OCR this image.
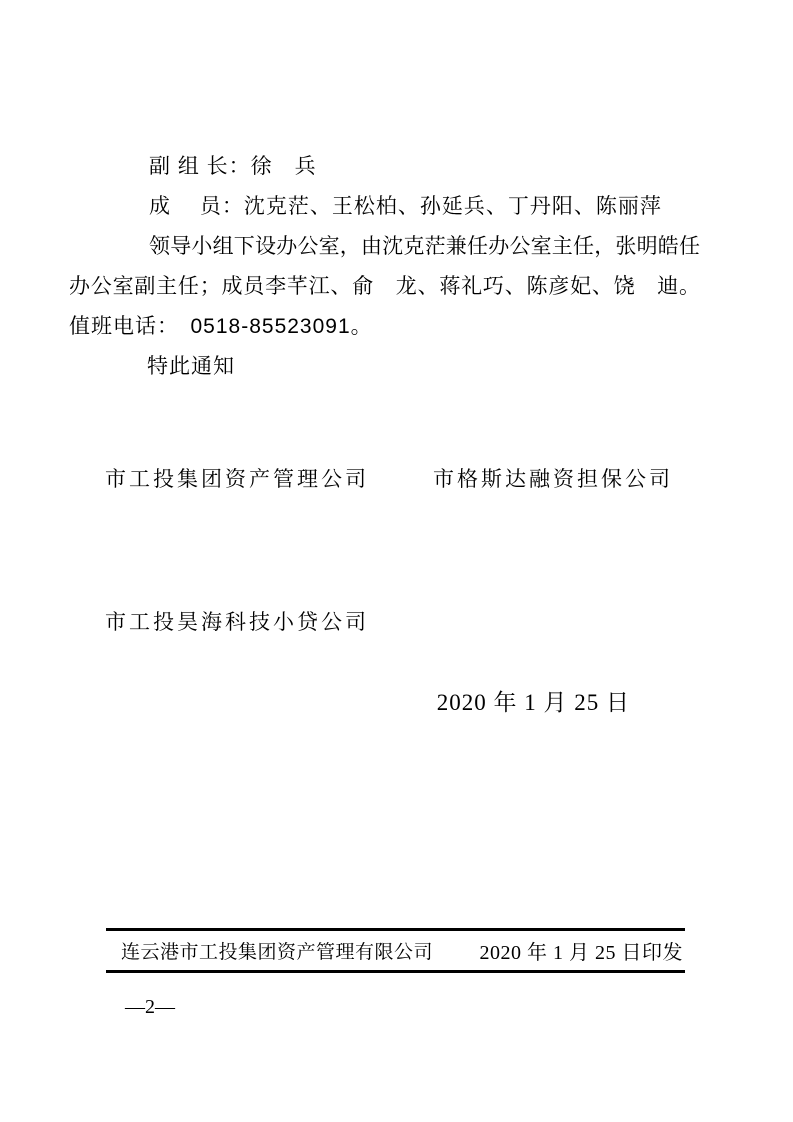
副 组 长：徐　兵
成　 员：沈克茫、王松柏、孙延兵、丁丹阳、陈丽萍
领导小组下设办公室，由沈克茫兼任办公室主任，张明皓任
办公室副主任；成员李芊江、俞　龙、蒋礼巧、陈彦妃、饶　迪。
值班电话：　0518-85523091。
特此通知
市工投集团资产管理公司	市格斯达融资担保公司
市工投昊海科技小贷公司
2020 年 1 月 25 日
连云港市工投集团资产管理有限公司 2020 年 1 月 25 日印发
—2—
